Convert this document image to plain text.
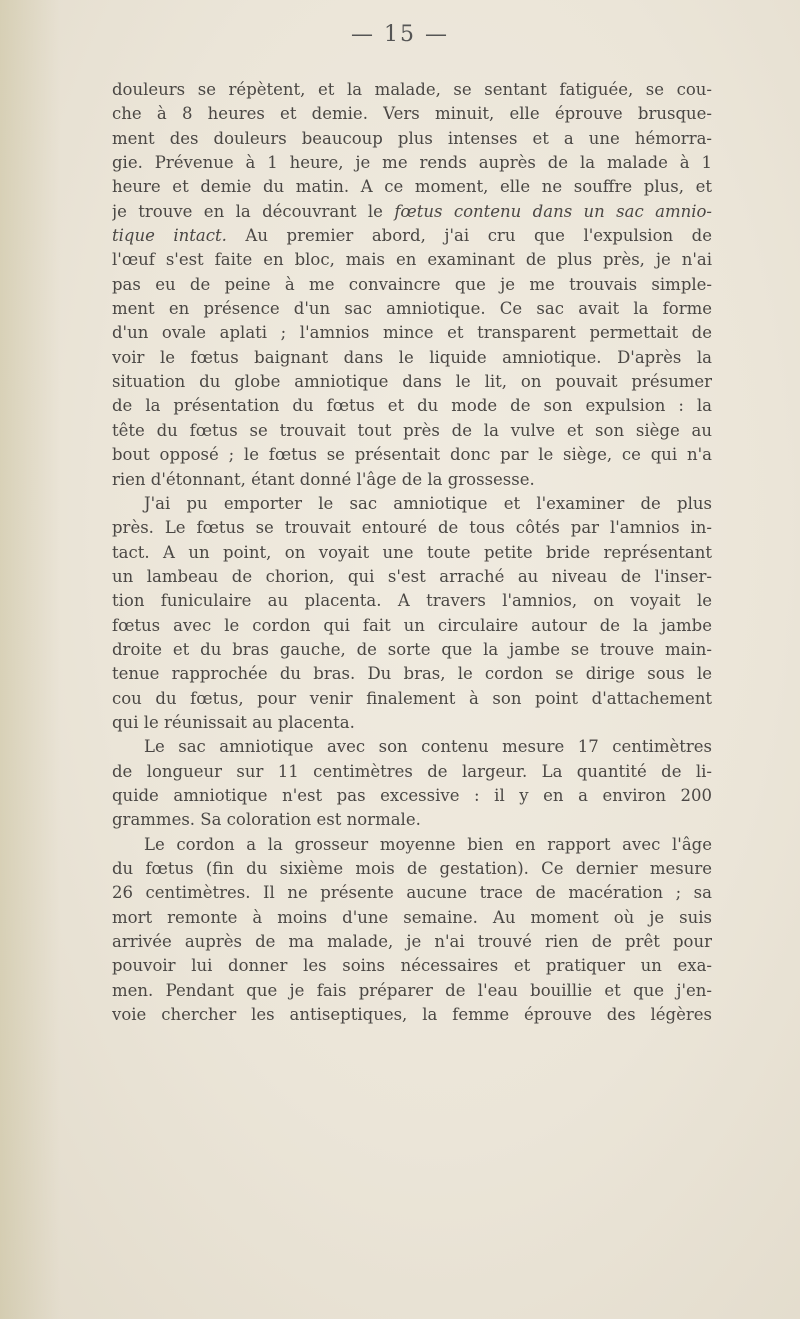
— 15 —
douleurs se répètent, et la malade, se sentant fatiguée, se cou-
che à 8 heures et demie. Vers minuit, elle éprouve brusque-
ment des douleurs beaucoup plus intenses et a une hémorra-
gie. Prévenue à 1 heure, je me rends auprès de la malade à 1
heure et demie du matin. A ce moment, elle ne souffre plus, et
je trouve en la découvrant le fœtus contenu dans un sac amnio-
tique intact. Au premier abord, j'ai cru que l'expulsion de
l'œuf s'est faite en bloc, mais en examinant de plus près, je n'ai
pas eu de peine à me convaincre que je me trouvais simple-
ment en présence d'un sac amniotique. Ce sac avait la forme
d'un ovale aplati ; l'amnios mince et transparent permettait de
voir le fœtus baignant dans le liquide amniotique. D'après la
situation du globe amniotique dans le lit, on pouvait présumer
de la présentation du fœtus et du mode de son expulsion : la
tête du fœtus se trouvait tout près de la vulve et son siège au
bout opposé ; le fœtus se présentait donc par le siège, ce qui n'a
rien d'étonnant, étant donné l'âge de la grossesse.
J'ai pu emporter le sac amniotique et l'examiner de plus
près. Le fœtus se trouvait entouré de tous côtés par l'amnios in-
tact. A un point, on voyait une toute petite bride représentant
un lambeau de chorion, qui s'est arraché au niveau de l'inser-
tion funiculaire au placenta. A travers l'amnios, on voyait le
fœtus avec le cordon qui fait un circulaire autour de la jambe
droite et du bras gauche, de sorte que la jambe se trouve main-
tenue rapprochée du bras. Du bras, le cordon se dirige sous le
cou du fœtus, pour venir finalement à son point d'attachement
qui le réunissait au placenta.
Le sac amniotique avec son contenu mesure 17 centimètres
de longueur sur 11 centimètres de largeur. La quantité de li-
quide amniotique n'est pas excessive : il y en a environ 200
grammes. Sa coloration est normale.
Le cordon a la grosseur moyenne bien en rapport avec l'âge
du fœtus (fin du sixième mois de gestation). Ce dernier mesure
26 centimètres. Il ne présente aucune trace de macération ; sa
mort remonte à moins d'une semaine. Au moment où je suis
arrivée auprès de ma malade, je n'ai trouvé rien de prêt pour
pouvoir lui donner les soins nécessaires et pratiquer un exa-
men. Pendant que je fais préparer de l'eau bouillie et que j'en-
voie chercher les antiseptiques, la femme éprouve des légères
